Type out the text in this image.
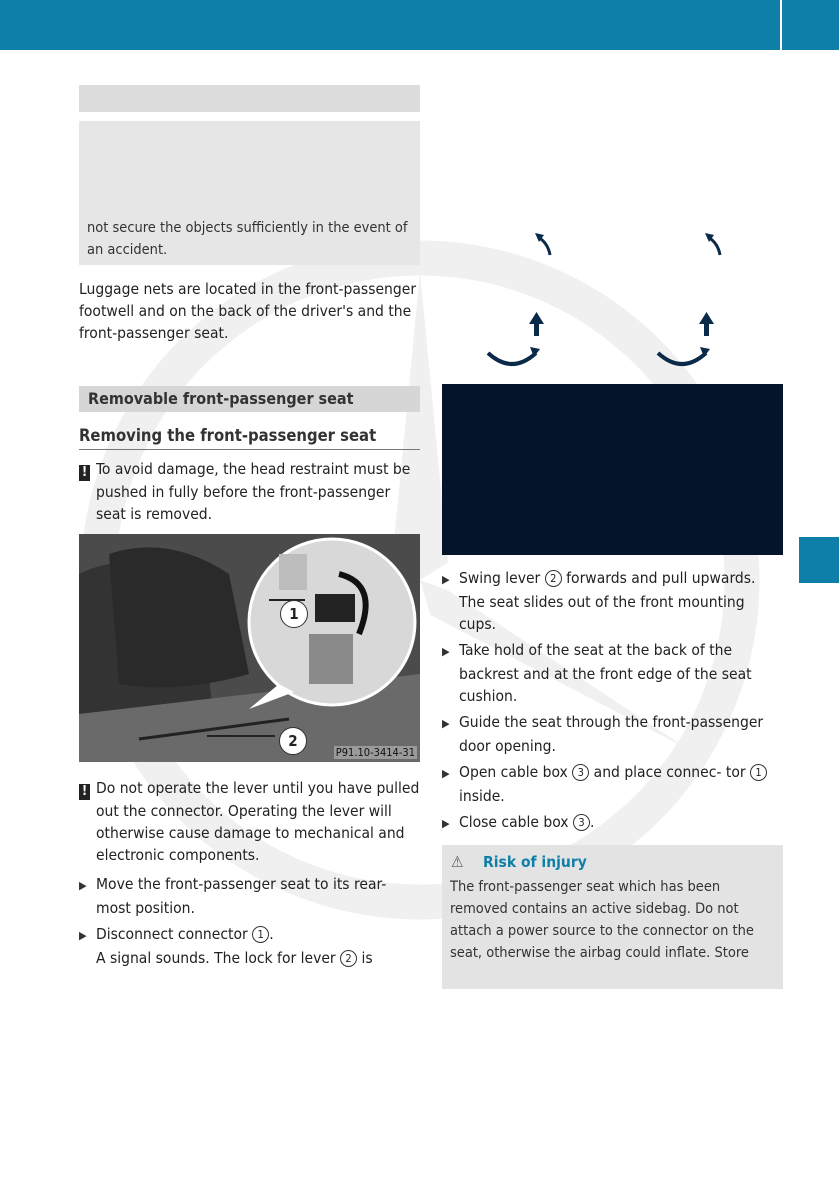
not secure the objects sufficiently in the event of an accident.
Luggage nets are located in the front-passenger footwell and on the back of the driver's and the front-passenger seat.
Removable front-passenger seat
Removing the front-passenger seat

! To avoid damage, the head restraint must be pushed in fully before the front-passenger seat is removed.

1
2
P91.10-3414-31

! Do not operate the lever until you have pulled out the connector. Operating the lever will otherwise cause damage to mechanical and electronic components.

▶ Move the front-passenger seat to its rear-most position.

▶ Disconnect connector 1 .
A signal sounds. The lock for lever 2 is

▶ Swing lever 2 forwards and pull upwards. The seat slides out of the front mounting cups.

▶ Take hold of the seat at the back of the backrest and at the front edge of the seat cushion.

▶ Guide the seat through the front-passenger door opening.

▶ Open cable box 3 and place connec- tor 1 inside.

▶ Close cable box 3 .

⚠ Risk of injury
The front-passenger seat which has been removed contains an active sidebag. Do not attach a power source to the connector on the seat, otherwise the airbag could inflate. Store
